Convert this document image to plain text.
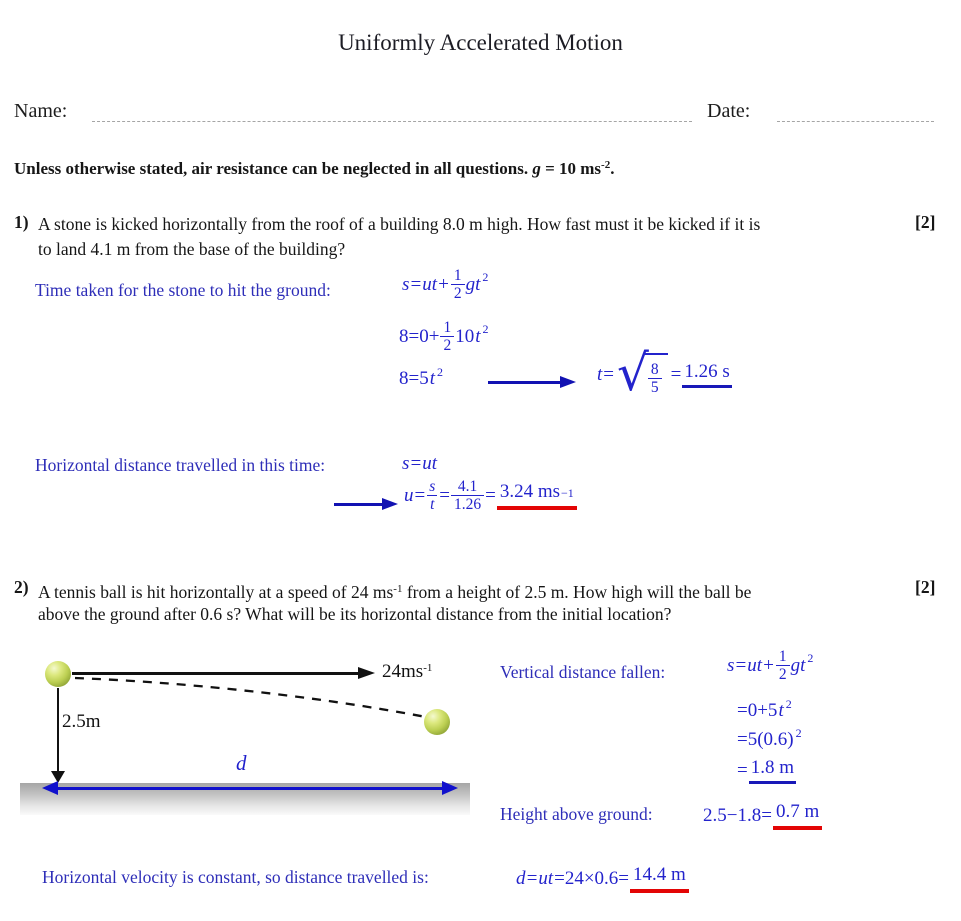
Uniformly Accelerated Motion
Name:	Date:
Unless otherwise stated, air resistance can be neglected in all questions. g = 10 $ms^{-2}$.
1) A stone is kicked horizontally from the roof of a building 8.0 m high. How fast must it be kicked if it is
to land 4.1 m from the base of the building?
[2]
Time taken for the stone to hit the ground:	$s=ut+ \frac{1}{2}$ gt 2
$8=0+ \frac{1}{2} 10$ t 2
8=5 t 2	t = √ $\frac{8}{5} = 1.26$ s
Horizontal distance travelled in this time:	s=ut
$u = \frac{s}{t} = \frac{4.1}{1.26} = 3.24$ ms−1
2) A tennis ball is hit horizontally at a speed of 24 $ms^{-1}$ from a height of 2.5 m. How high will the ball be
above the ground after 0.6 s? What will be its horizontal distance from the initial location?
[2]
$24ms^{-1}$
2.5m
d
Vertical distance fallen:	$s=ut+ \frac{1}{2}$ gt 2
=0+5 t 2
=5(0.6) 2
= 1.8 m
Height above ground:	2.5−1.8= 0.7 m
Horizontal velocity is constant, so distance travelled is:	d=ut =24×0.6= 14.4 m
